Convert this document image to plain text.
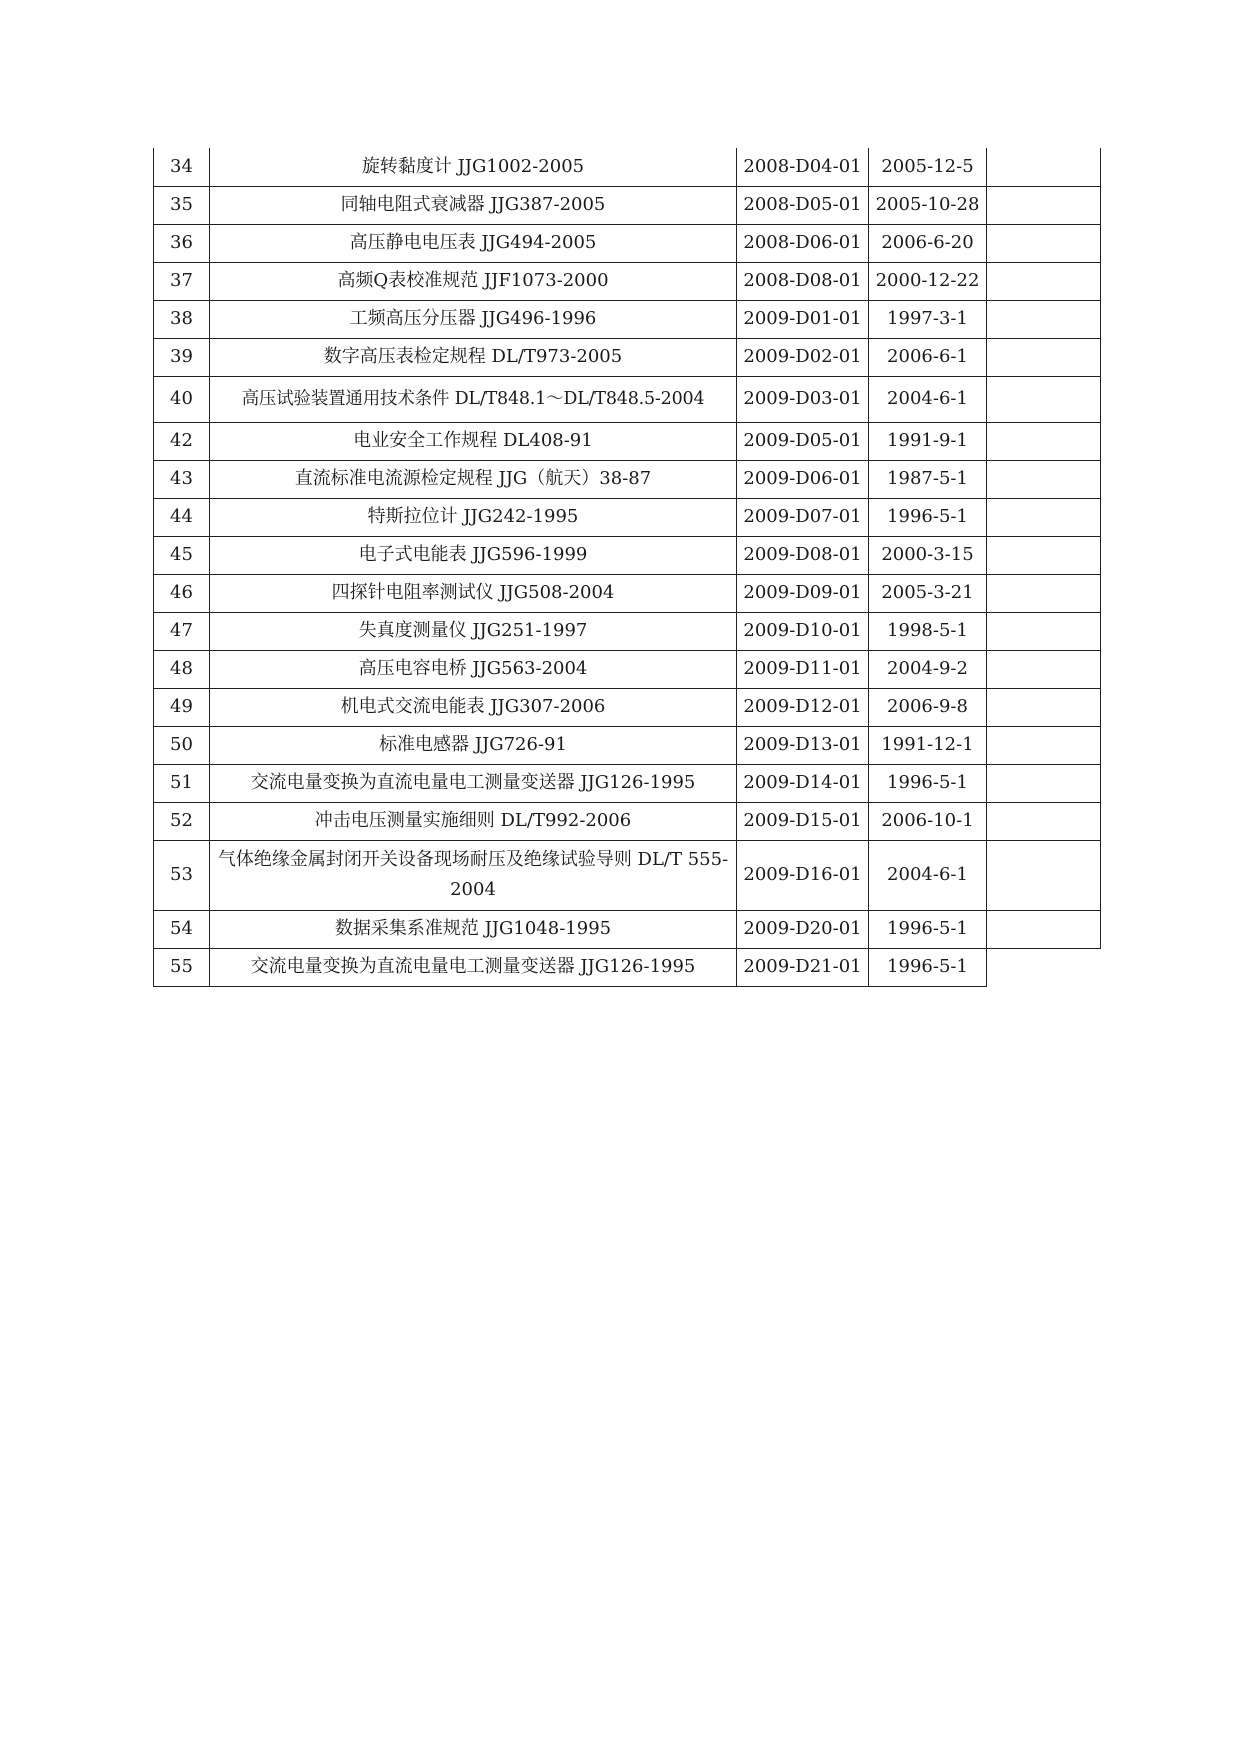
34	旋转黏度计 JJG1002-2005	2008-D04-01	2005-12-5	
35	同轴电阻式衰减器 JJG387-2005	2008-D05-01	2005-10-28	
36	高压静电电压表 JJG494-2005	2008-D06-01	2006-6-20	
37	高频Q表校准规范 JJF1073-2000	2008-D08-01	2000-12-22	
38	工频高压分压器 JJG496-1996	2009-D01-01	1997-3-1	
39	数字高压表检定规程 DL/T973-2005	2009-D02-01	2006-6-1	
40	高压试验装置通用技术条件 DL/T848.1～DL/T848.5-2004	2009-D03-01	2004-6-1	
42	电业安全工作规程 DL408-91	2009-D05-01	1991-9-1	
43	直流标准电流源检定规程 JJG（航天）38-87	2009-D06-01	1987-5-1	
44	特斯拉位计 JJG242-1995	2009-D07-01	1996-5-1	
45	电子式电能表 JJG596-1999	2009-D08-01	2000-3-15	
46	四探针电阻率测试仪 JJG508-2004	2009-D09-01	2005-3-21	
47	失真度测量仪 JJG251-1997	2009-D10-01	1998-5-1	
48	高压电容电桥 JJG563-2004	2009-D11-01	2004-9-2	
49	机电式交流电能表 JJG307-2006	2009-D12-01	2006-9-8	
50	标准电感器 JJG726-91	2009-D13-01	1991-12-1	
51	交流电量变换为直流电量电工测量变送器 JJG126-1995	2009-D14-01	1996-5-1	
52	冲击电压测量实施细则 DL/T992-2006	2009-D15-01	2006-10-1	
53	气体绝缘金属封闭开关设备现场耐压及绝缘试验导则 DL/T 555-2004	2009-D16-01	2004-6-1	
54	数据采集系准规范 JJG1048-1995	2009-D20-01	1996-5-1	
55	交流电量变换为直流电量电工测量变送器 JJG126-1995	2009-D21-01	1996-5-1	
